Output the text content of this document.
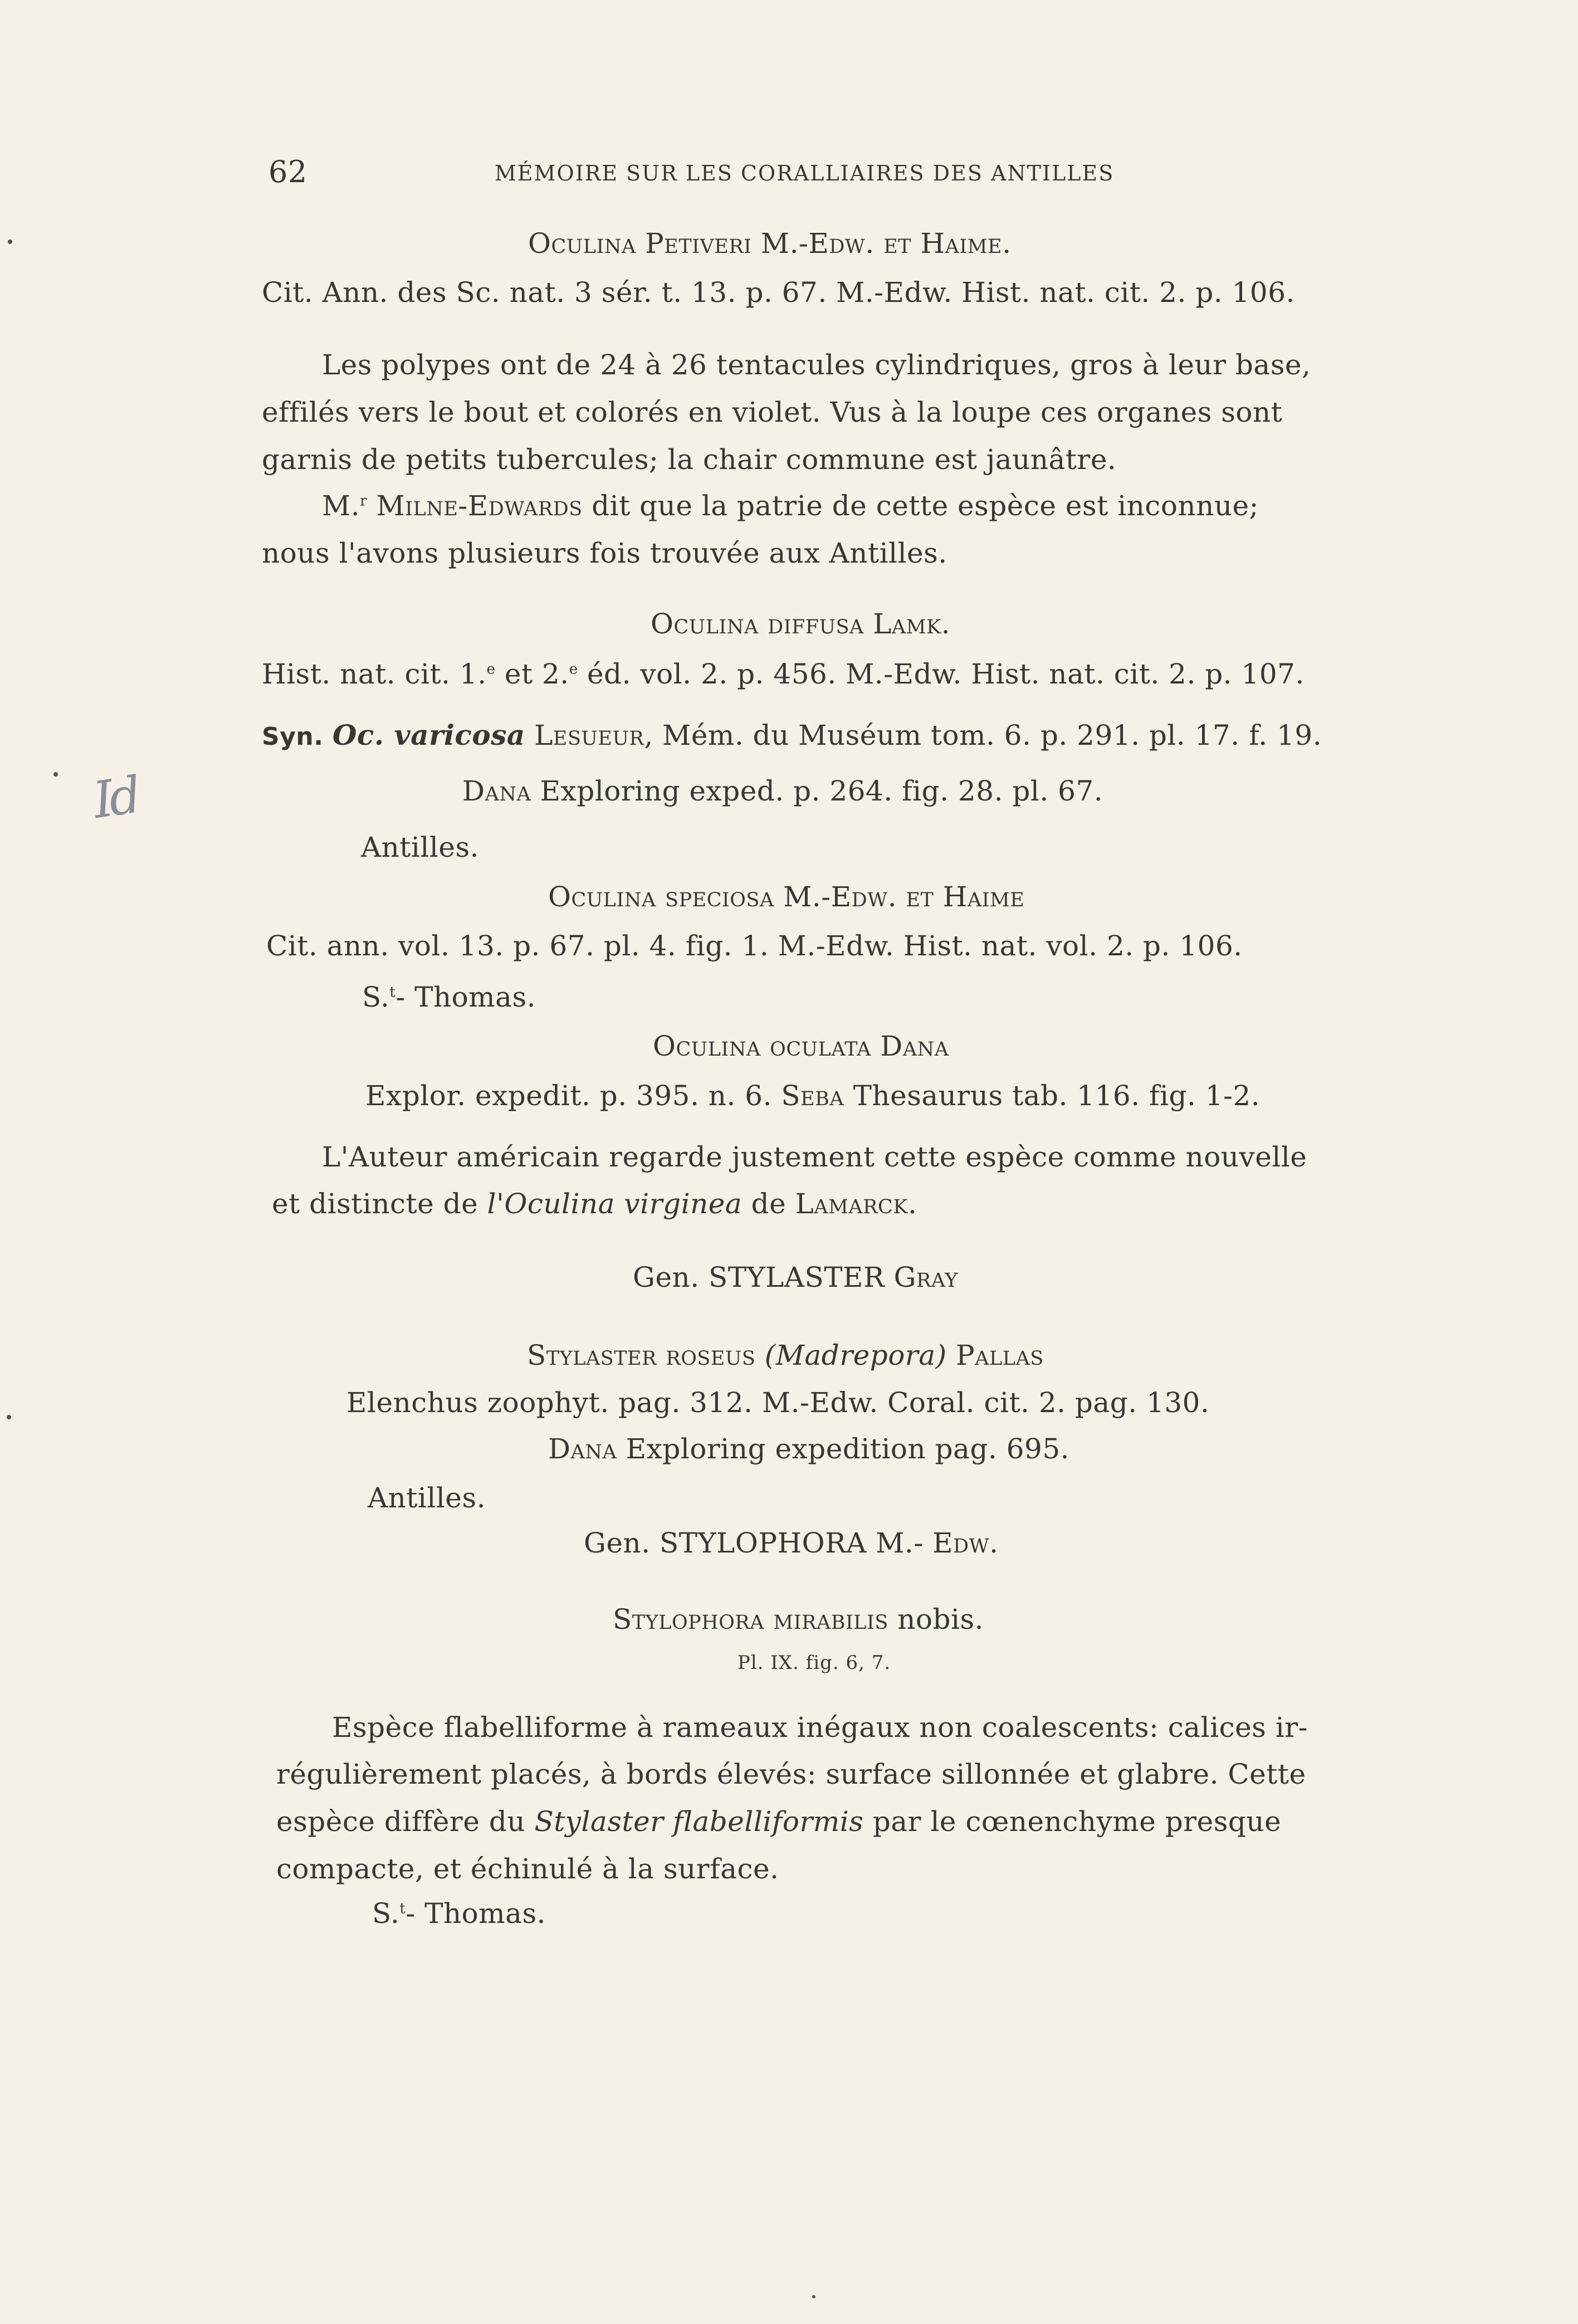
62	MÉMOIRE SUR LES CORALLIAIRES DES ANTILLES
Id
Oculina Petiveri M.-Edw. et Haime.
Cit. Ann. des Sc. nat. 3 sér. t. 13. p. 67. M.-Edw. Hist. nat. cit. 2. p. 106.
Les polypes ont de 24 à 26 tentacules cylindriques, gros à leur base,
effilés vers le bout et colorés en violet. Vus à la loupe ces organes sont
garnis de petits tubercules; la chair commune est jaunâtre.
M.$^r$ Milne-Edwards dit que la patrie de cette espèce est inconnue;
nous l'avons plusieurs fois trouvée aux Antilles.
Oculina diffusa Lamk.
Hist. nat. cit. 1.$^e$ et 2.$^e$ éd. vol. 2. p. 456. M.-Edw. Hist. nat. cit. 2. p. 107.
Syn. Oc. varicosa Lesueur, Mém. du Muséum tom. 6. p. 291. pl. 17. f. 19.
Dana Exploring exped. p. 264. fig. 28. pl. 67.
Antilles.
Oculina speciosa M.-Edw. et Haime
Cit. ann. vol. 13. p. 67. pl. 4. fig. 1. M.-Edw. Hist. nat. vol. 2. p. 106.
S.$^t$- Thomas.
Oculina oculata Dana
Explor. expedit. p. 395. n. 6. Seba Thesaurus tab. 116. fig. 1-2.
L'Auteur américain regarde justement cette espèce comme nouvelle
et distincte de l'Oculina virginea de Lamarck.
Gen. STYLASTER Gray
Stylaster roseus (Madrepora) Pallas
Elenchus zoophyt. pag. 312. M.-Edw. Coral. cit. 2. pag. 130.
Dana Exploring expedition pag. 695.
Antilles.
Gen. STYLOPHORA M.- Edw.
Stylophora mirabilis nobis.
Pl. IX. fig. 6, 7.
Espèce flabelliforme à rameaux inégaux non coalescents: calices ir-
régulièrement placés, à bords élevés: surface sillonnée et glabre. Cette
espèce diffère du Stylaster flabelliformis par le cœnenchyme presque
compacte, et échinulé à la surface.
S.$^t$- Thomas.
